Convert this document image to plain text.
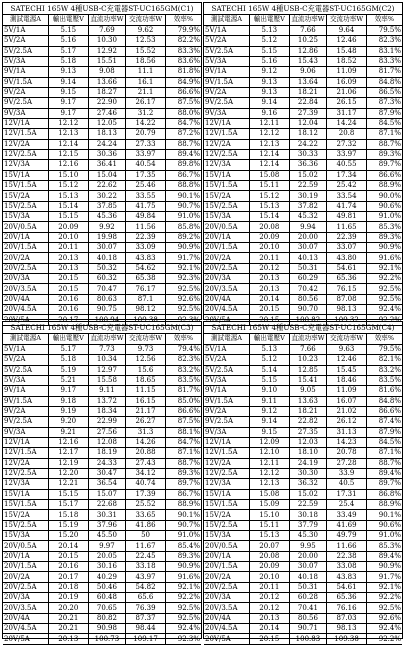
SATECHI 165W 4種USB-C充電器ST-UC165GM(C1)
測試電源A	輸出電壓V	直流功率W	交流功率W	效率%
5V/1A	5.15	7.69	9.62	79.9%
5V/2A	5.16	10.30	12.53	82.2%
5V/2.5A	5.17	12.92	15.52	83.3%
5V/3A	5.18	15.51	18.56	83.6%
9V/1A	9.13	9.08	11.1	81.8%
9V/1.5A	9.14	13.66	16.1	84.9%
9V/2A	9.15	18.27	21.1	86.6%
9V/2.5A	9.17	22.90	26.17	87.5%
9V/3A	9.17	27.46	31.2	88.0%
12V/1A	12.12	12.05	14.22	84.7%
12V/1.5A	12.13	18.13	20.79	87.2%
12V/2A	12.14	24.24	27.33	88.7%
12V/2.5A	12.15	30.36	33.97	89.4%
12V/3A	12.16	36.41	40.54	89.8%
15V/1A	15.10	15.04	17.35	86.7%
15V/1.5A	15.12	22.62	25.46	88.8%
15V/2A	15.13	30.22	33.55	90.1%
15V/2.5A	15.14	37.85	41.75	90.7%
15V/3A	15.15	45.36	49.84	91.0%
20V/0.5A	20.09	9.92	11.56	85.8%
20V/1A	20.10	19.98	22.39	89.2%
20V/1.5A	20.11	30.07	33.09	90.9%
20V/2A	20.13	40.18	43.83	91.7%
20V/2.5A	20.13	50.32	54.62	92.1%
20V/3A	20.15	60.32	65.38	92.3%
20V/3.5A	20.15	70.47	76.17	92.5%
20V/4A	20.16	80.63	87.1	92.6%
20V/4.5A	20.16	90.75	98.12	92.5%
20V/5A	20.17	100.94	109.38	92.3%
SATECHI 165W 4種USB-C充電器ST-UC165GM(C2)
測試電源A	輸出電壓V	直流功率W	交流功率W	效率%
5V/1A	5.13	7.66	9.64	79.5%
5V/2A	5.12	10.25	12.46	82.3%
5V/2.5A	5.15	12.86	15.48	83.1%
5V/3A	5.16	15.43	18.52	83.3%
9V/1A	9.12	9.06	11.09	81.7%
9V/1.5A	9.13	13.64	16.09	84.8%
9V/2A	9.13	18.21	21.06	86.5%
9V/2.5A	9.14	22.84	26.15	87.3%
9V/3A	9.16	27.39	31.17	87.9%
12V/1A	12.11	12.04	14.24	84.5%
12V/1.5A	12.12	18.12	20.8	87.1%
12V/2A	12.13	24.22	27.32	88.7%
12V/2.5A	12.14	30.33	33.97	89.3%
12V/3A	12.14	36.36	40.55	89.7%
15V/1A	15.08	15.02	17.34	86.6%
15V/1.5A	15.11	22.59	25.42	88.9%
15V/2A	15.12	30.19	33.54	90.0%
15V/2.5A	15.13	37.82	41.74	90.6%
15V/3A	15.14	45.32	49.81	91.0%
20V/0.5A	20.08	9.94	11.65	85.3%
20V/1A	20.09	20.00	22.39	89.3%
20V/1.5A	20.10	30.07	33.07	90.9%
20V/2A	20.11	40.13	43.80	91.6%
20V/2.5A	20.12	50.31	54.61	92.1%
20V/3A	20.13	60.29	65.36	92.2%
20V/3.5A	20.13	70.42	76.15	92.5%
20V/4A	20.14	80.56	87.08	92.5%
20V/4.5A	20.15	90.70	98.13	92.4%
20V/5A	20.15	100.82	109.32	92.2%
SATECHI 165W 4種USB-C充電器ST-UC165GM(C3)
測試電源A	輸出電壓V	直流功率W	交流功率W	效率%
5V/1A	5.17	7.73	9.73	79.4%
5V/2A	5.18	10.34	12.56	82.3%
5V/2.5A	5.19	12.97	15.6	83.2%
5V/3A	5.21	15.58	18.65	83.5%
9V/1A	9.17	9.11	11.15	81.7%
9V/1.5A	9.18	13.72	16.15	85.0%
9V/2A	9.19	18.34	21.17	86.6%
9V/2.5A	9.20	22.99	26.27	87.5%
9V/3A	9.21	27.56	31.3	88.1%
12V/1A	12.16	12.08	14.26	84.7%
12V/1.5A	12.17	18.19	20.88	87.1%
12V/2A	12.19	24.33	27.43	88.7%
12V/2.5A	12.20	30.47	34.12	89.3%
12V/3A	12.21	36.54	40.74	89.7%
15V/1A	15.15	15.07	17.39	86.7%
15V/1.5A	15.17	22.68	25.52	88.9%
15V/2A	15.18	30.31	33.65	90.1%
15V/2.5A	15.19	37.96	41.86	90.7%
15V/3A	15.20	45.50	50	91.0%
20V/0.5A	20.14	9.97	11.67	85.4%
20V/1A	20.15	20.05	22.45	89.3%
20V/1.5A	20.16	30.16	33.18	90.9%
20V/2A	20.17	40.29	43.97	91.6%
20V/2.5A	20.18	50.46	54.82	92.1%
20V/3A	20.19	60.48	65.6	92.2%
20V/3.5A	20.20	70.65	76.39	92.5%
20V/4A	20.21	80.82	87.37	92.5%
20V/4.5A	20.21	90.98	98.44	92.4%
20V/5A	20.13	100.73	109.17	92.3%
SATECHI 165W 4種USB-C充電器ST-UC165GM(C4)
測試電源A	輸出電壓V	直流功率W	交流功率W	效率%
5V/1A	5.13	7.66	9.63	79.5%
5V/2A	5.12	10.23	12.46	82.1%
5V/2.5A	5.14	12.85	15.45	83.2%
5V/3A	5.15	15.41	18.46	83.5%
9V/1A	9.10	9.05	11.09	81.6%
9V/1.5A	9.11	13.63	16.07	84.8%
9V/2A	9.12	18.21	21.02	86.6%
9V/2.5A	9.14	22.82	26.12	87.4%
9V/3A	9.15	27.35	31.13	87.9%
12V/1A	12.09	12.03	14.23	84.5%
12V/1.5A	12.10	18.10	20.78	87.1%
12V/2A	12.11	24.19	27.28	88.7%
12V/2.5A	12.12	30.30	33.9	89.4%
12V/3A	12.13	36.32	40.5	89.7%
15V/1A	15.08	15.02	17.31	86.8%
15V/1.5A	15.09	22.59	25.4	88.9%
15V/2A	15.10	30.18	33.49	90.1%
15V/2.5A	15.11	37.79	41.69	90.6%
15V/3A	15.13	45.30	49.79	91.0%
20V/0.5A	20.07	9.95	11.66	85.3%
20V/1A	20.08	20.00	22.38	89.4%
20V/1.5A	20.09	30.07	33.08	90.9%
20V/2A	20.10	40.18	43.83	91.7%
20V/2.5A	20.11	50.31	54.61	92.1%
20V/3A	20.12	60.28	65.36	92.2%
20V/3.5A	20.12	70.41	76.16	92.5%
20V/4A	20.13	80.56	87.03	92.6%
20V/4.5A	20.14	90.71	98.13	92.4%
20V/5A	20.15	100.83	109.38	92.2%
